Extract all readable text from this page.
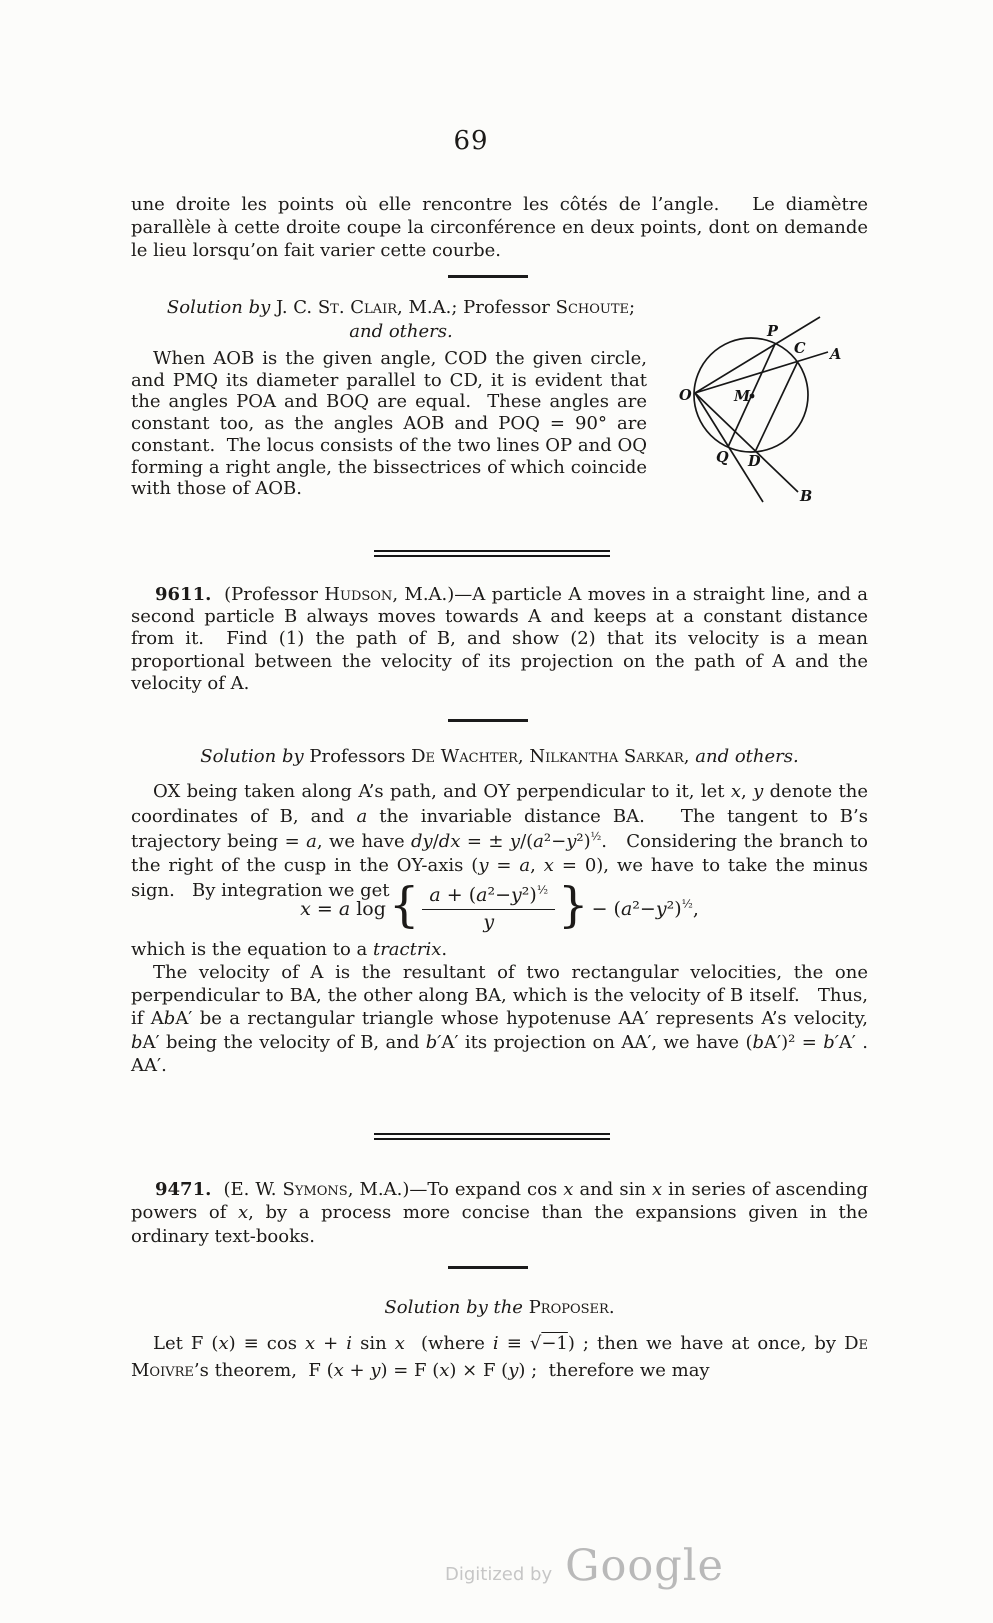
69

une droite les points où elle rencontre les côtés de l’angle.   Le diamètre parallèle à cette droite coupe la circonférence en deux points, dont on demande le lieu lorsqu’on fait varier cette courbe.

Solution by J. C. St. Clair, M.A.; Professor Schoute;
and others.

When AOB is the given angle, COD the given circle, and PMQ its diameter parallel to CD, it is evident that the angles POA and BOQ are equal.  These angles are constant too, as the angles AOB and POQ = 90° are constant.  The locus consists of the two lines OP and OQ forming a right angle, the bissectrices of which coincide with those of AOB.

O
P
C A
M
Q D
B

9611.  (Professor Hudson, M.A.)—A particle A moves in a straight line, and a second particle B always moves towards A and keeps at a constant distance from it.  Find (1) the path of B, and show (2) that its velocity is a mean proportional between the velocity of its projection on the path of A and the velocity of A.

Solution by Professors De Wachter, Nilkantha Sarkar, and others.

OX being taken along A’s path, and OY perpendicular to it, let x, y denote the coordinates of B, and a the invariable distance BA.   The tangent to B’s trajectory being = a, we have dy/dx = ± $y/(a^2-y^2)^{\frac{1}{2}}$.   Considering the branch to the right of the cusp in the OY-axis (y = a, x = 0), we have to take the minus sign.   By integration we get

x = a log { $\frac{a + (a^2-y^2)^{\frac{1}{2}}}{y}$ } − $(a^2-y^2)^{\frac{1}{2}}$,

which is the equation to a tractrix.

The velocity of A is the resultant of two rectangular velocities, the one perpendicular to BA, the other along BA, which is the velocity of B itself.   Thus, if AbA′ be a rectangular triangle whose hypotenuse AA′ represents A’s velocity, bA′ being the velocity of B, and b′A′ its projection on AA′, we have (bA′)² = b′A′ . AA′.

9471.  (E. W. Symons, M.A.)—To expand cos x and sin x in series of ascending powers of x, by a process more concise than the expansions given in the ordinary text-books.

Solution by the Proposer.

Let F (x) ≡ cos x + i sin x  (where i ≡ √−1) ; then we have at once, by De Moivre’s theorem,  F (x + y) = F (x) × F (y) ;  therefore we may

Digitized by Google
